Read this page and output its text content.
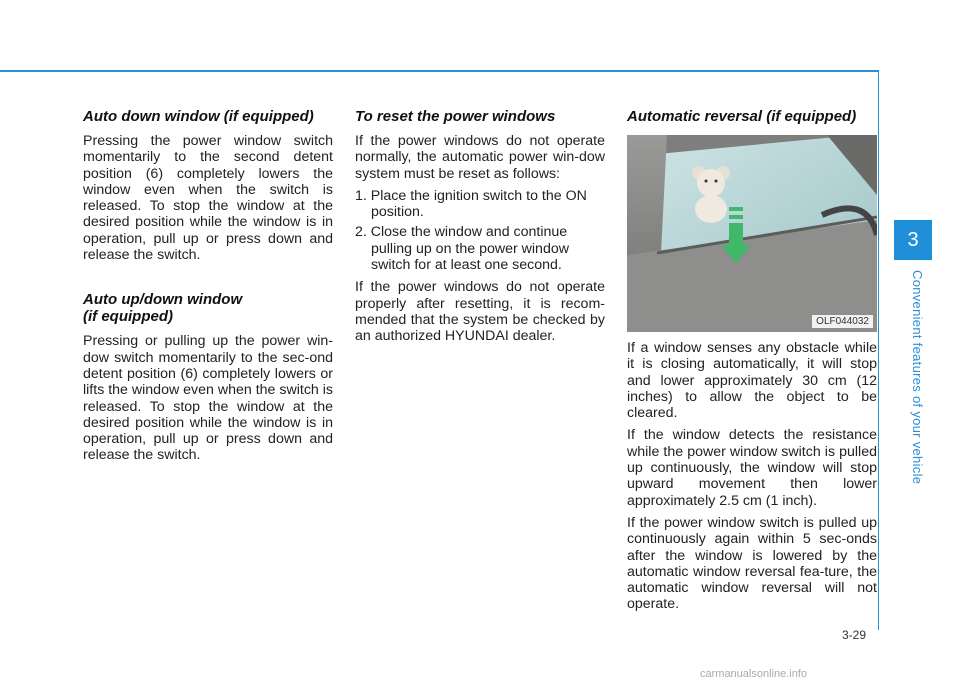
3
Convenient features of your vehicle
Auto down window (if equipped)

Pressing the power window switch momentarily to the second detent position (6) completely lowers the window even when the switch is released. To stop the window at the desired position while the window is in operation, pull up or press down and release the switch.

Auto up/down window
(if equipped)

Pressing or pulling up the power win-dow switch momentarily to the sec-ond detent position (6) completely lowers or lifts the window even when the switch is released. To stop the window at the desired position while the window is in operation, pull up or press down and release the switch.

To reset the power windows

If the power windows do not operate normally, the automatic power win-dow system must be reset as follows:

1. Place the ignition switch to the ON position.
2. Close the window and continue pulling up on the power window switch for at least one second.

If the power windows do not operate properly after resetting, it is recom-mended that the system be checked by an authorized HYUNDAI dealer.

Automatic reversal (if equipped)
OLF044032

If a window senses any obstacle while it is closing automatically, it will stop and lower approximately 30 cm (12 inches) to allow the object to be cleared.

If the window detects the resistance while the power window switch is pulled up continuously, the window will stop upward movement then lower approximately 2.5 cm (1 inch).

If the power window switch is pulled up continuously again within 5 sec-onds after the window is lowered by the automatic window reversal fea-ture, the automatic window reversal will not operate.

3-29
carmanualsonline.info
